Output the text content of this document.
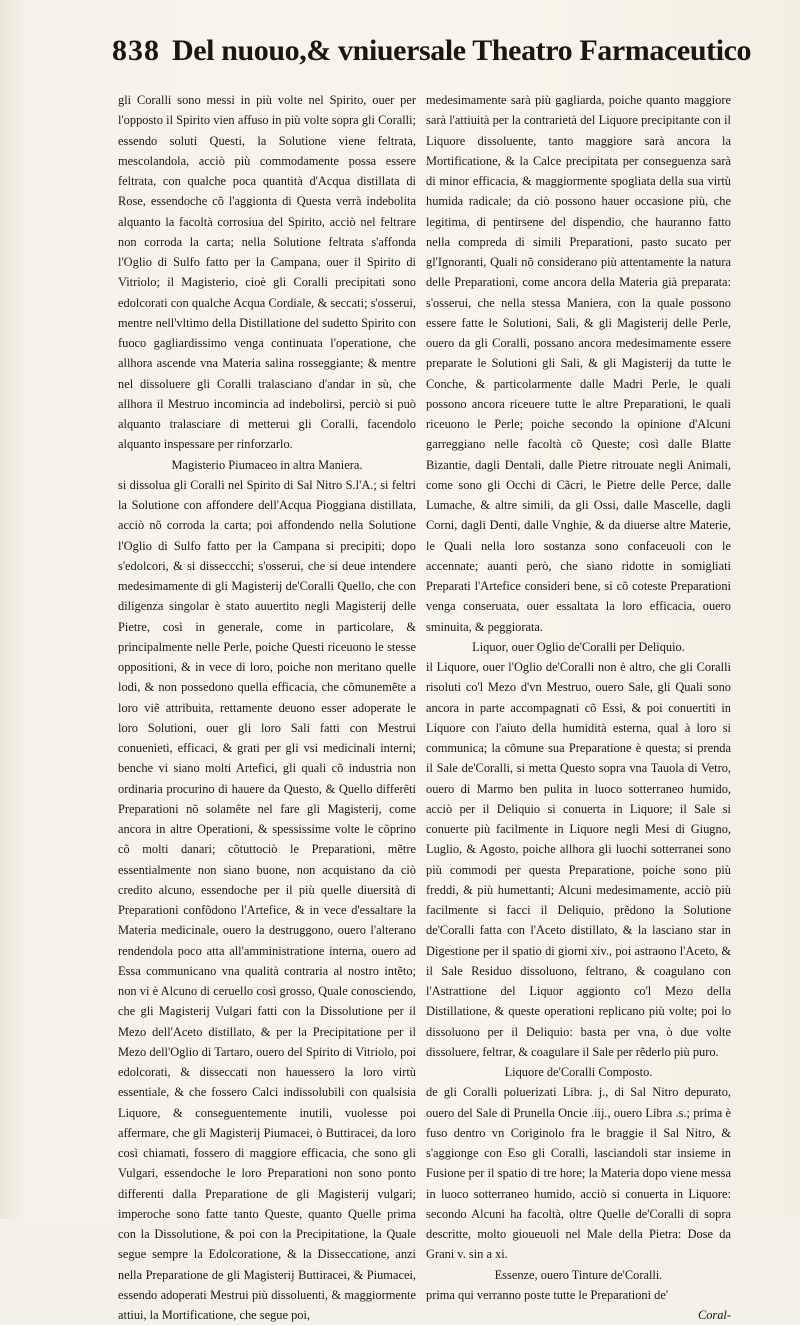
838 Del nuouo,& vniuersale Theatro Farmaceutico

gli Coralli sono messi in più volte nel Spirito, ouer per l'opposto il Spirito vien affuso in più volte sopra gli Coralli; essendo soluti Questi, la Solutione viene feltrata, mescolandola, acciò più commodamente possa essere feltrata, con qualche poca quantità d'Acqua distillata di Rose, essendoche cõ l'aggionta di Questa verrà indebolita alquanto la facoltà corrosiua del Spirito, acciò nel feltrare non corroda la carta; nella Solutione feltrata s'affonda l'Oglio di Sulfo fatto per la Campana, ouer il Spirito di Vitriolo; il Magisterio, cioè gli Coralli precipitati sono edolcorati con qualche Acqua Cordiale, & seccati; s'osserui, mentre nell'vltimo della Distillatione del sudetto Spirito con fuoco gagliardissimo venga continuata l'operatione, che allhora ascende vna Materia salina rosseggiante; & mentre nel dissoluere gli Coralli tralasciano d'andar in sù, che allhora il Mestruo incomincia ad indebolirsi, perciò si può alquanto tralasciare di metterui gli Coralli, facendolo alquanto inspessare per rinforzarlo.

Magisterio Piumaceo in altra Maniera.

si dissolua gli Coralli nel Spirito di Sal Nitro S.l'A.; si feltri la Solutione con affondere dell'Acqua Pioggiana distillata, acciò nõ corroda la carta; poi affondendo nella Solutione l'Oglio di Sulfo fatto per la Campana si precipiti; dopo s'edolcori, & si disseccchi; s'osserui, che si deue intendere medesimamente di gli Magisterij de'Coralli Quello, che con diligenza singolar è stato auuertito negli Magisterij delle Pietre, così in generale, come in particolare, & principalmente nelle Perle, poiche Questi riceuono le stesse oppositioni, & in vece di loro, poiche non meritano quelle lodi, & non possedono quella efficacia, che cõmunemẽte a loro viẽ attribuita, rettamente deuono esser adoperate le loro Solutioni, ouer gli loro Sali fatti con Mestrui conuenieti, efficaci, & grati per gli vsi medicinali interni; benche vi siano molti Artefici, gli quali cõ industria non ordinaria procurino di hauere da Questo, & Quello differẽti Preparationi nõ solamẽte nel fare gli Magisterij, come ancora in altre Operationi, & spessissime volte le cõprino cõ molti danari; cõtuttociò le Preparationi, mẽtre essentialmente non siano buone, non acquistano da ciò credito alcuno, essendoche per il più quelle diuersità di Preparationi confõdono l'Artefice, & in vece d'essaltare la Materia medicinale, ouero la destruggono, ouero l'alterano rendendola poco atta all'amministratione interna, ouero ad Essa communicano vna qualità contraria al nostro intẽto; non vi è Alcuno di ceruello così grosso, Quale conosciendo, che gli Magisterij Vulgari fatti con la Dissolutione per il Mezo dell'Aceto distillato, & per la Precipitatione per il Mezo dell'Oglio di Tartaro, ouero del Spirito di Vitriolo, poi edolcorati, & disseccati non hauessero la loro virtù essentiale, & che fossero Calci indissolubili con qualsisia Liquore, & conseguentemente inutili, vuolesse poi affermare, che gli Magisterij Piumacei, ò Buttiracei, da loro così chiamati, fossero di maggiore efficacia, che sono gli Vulgari, essendoche le loro Preparationi non sono ponto differenti dalla Preparatione de gli Magisterij vulgari; imperoche sono fatte tanto Queste, quanto Quelle prima con la Dissolutione, & poi con la Precipitatione, la Quale segue sempre la Edolcoratione, & la Disseccatione, anzi nella Preparatione de gli Magisterij Buttiracei, & Piumacei, essendo adoperati Mestrui più dissoluenti, & maggiormente attiui, la Mortificatione, che segue poi,

medesimamente sarà più gagliarda, poiche quanto maggiore sarà l'attiuità per la contrarietà del Liquore precipitante con il Liquore dissoluente, tanto maggiore sarà ancora la Mortificatione, & la Calce precipitata per conseguenza sarà di minor efficacia, & maggiormente spogliata della sua virtù humida radicale; da ciò possono hauer occasione più, che legitima, di pentirsene del dispendio, che hauranno fatto nella compreda di simili Preparationi, pasto sucato per gl'Ignoranti, Quali nõ considerano più attentamente la natura delle Preparationi, come ancora della Materia già preparata: s'osserui, che nella stessa Maniera, con la quale possono essere fatte le Solutioni, Sali, & gli Magisterij delle Perle, ouero da gli Coralli, possano ancora medesimamente essere preparate le Solutioni gli Sali, & gli Magisterij da tutte le Conche, & particolarmente dalle Madri Perle, le quali possono ancora riceuere tutte le altre Preparationi, le quali riceuono le Perle; poiche secondo la opinione d'Alcuni garreggiano nelle facoltà cõ Queste; così dalle Blatte Bizantie, dagli Dentali, dalle Pietre ritrouate negli Animali, come sono gli Occhi di Cãcri, le Pietre delle Perce, dalle Lumache, & altre simili, da gli Ossi, dalle Mascelle, dagli Corni, dagli Denti, dalle Vnghie, & da diuerse altre Materie, le Quali nella loro sostanza sono confaceuoli con le accennate; auanti però, che siano ridotte in somigliati Preparati l'Artefice consideri bene, si cõ coteste Preparationi venga conseruata, ouer essaltata la loro efficacia, ouero sminuita, & peggiorata.

Liquor, ouer Oglio de'Coralli per Deliquio.

il Liquore, ouer l'Oglio de'Coralli non è altro, che gli Coralli risoluti co'l Mezo d'vn Mestruo, ouero Sale, gli Quali sono ancora in parte accompagnati cõ Essi, & poi conuertiti in Liquore con l'aiuto della humidità esterna, qual à loro si communica; la cõmune sua Preparatione è questa; si prenda il Sale de'Coralli, si metta Questo sopra vna Tauola di Vetro, ouero di Marmo ben pulita in luoco sotterraneo humido, acciò per il Deliquio si conuerta in Liquore; il Sale si conuerte più facilmente in Liquore negli Mesi di Giugno, Luglio, & Agosto, poiche allhora gli luochi sotterranei sono più commodi per questa Preparatione, poiche sono più freddi, & più humettanti; Alcuni medesimamente, acciò più facilmente si facci il Deliquio, prẽdono la Solutione de'Coralli fatta con l'Aceto distillato, & la lasciano star in Digestione per il spatio di giorni xiv., poi astraono l'Aceto, & il Sale Residuo dissoluono, feltrano, & coagulano con l'Astrattione del Liquor aggionto co'l Mezo della Distillatione, & queste operationi replicano più volte; poi lo dissoluono per il Deliquio: basta per vna, ò due volte dissoluere, feltrar, & coagulare il Sale per rẽderlo più puro.

Liquore de'Coralli Composto.

de gli Coralli poluerizati Libra. j., di Sal Nitro depurato, ouero del Sale di Prunella Oncie .iij., ouero Libra .s.; prima è fuso dentro vn Coriginolo fra le braggie il Sal Nitro, & s'aggionge con Eso gli Coralli, lasciandoli star insieme in Fusione per il spatio di tre hore; la Materia dopo viene messa in luoco sotterraneo humido, acciò si conuerta in Liquore: secondo Alcuni ha facoltà, oltre Quelle de'Coralli di sopra descritte, molto gioueuoli nel Male della Pietra: Dose da Grani v. sin a xi.

Essenze, ouero Tinture de'Coralli.

prima qui verranno poste tutte le Preparationi de'

Coral-
